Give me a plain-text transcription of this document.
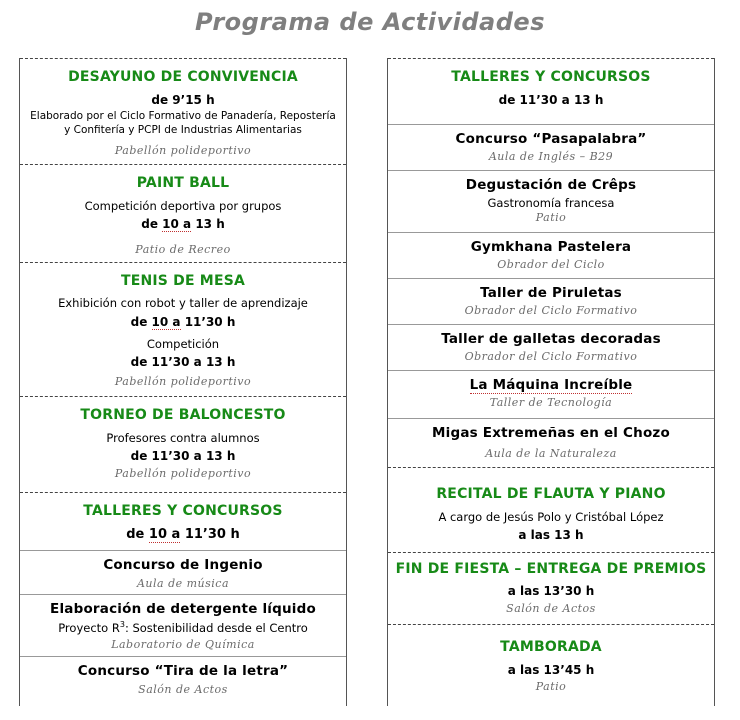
Programa de Actividades
DESAYUNO DE CONVIVENCIA
de 9’15 h
Elaborado por el Ciclo Formativo de Panadería, Repostería
y Confitería y PCPI de Industrias Alimentarias
Pabellón polideportivo
PAINT BALL
Competición deportiva por grupos
de 10 a 13 h
Patio de Recreo
TENIS DE MESA
Exhibición con robot y taller de aprendizaje
de 10 a 11’30 h
Competición
de 11’30 a 13 h
Pabellón polideportivo
TORNEO DE BALONCESTO
Profesores contra alumnos
de 11’30 a 13 h
Pabellón polideportivo
TALLERES Y CONCURSOS
de 10 a 11’30 h
Concurso de Ingenio
Aula de música
Elaboración de detergente líquido
Proyecto $R^3$: Sostenibilidad desde el Centro
Laboratorio de Química
Concurso “Tira de la letra”
Salón de Actos
TALLERES Y CONCURSOS
de 11’30 a 13 h
Concurso “Pasapalabra”
Aula de Inglés – B29
Degustación de Crêps
Gastronomía francesa
Patio
Gymkhana Pastelera
Obrador del Ciclo
Taller de Piruletas
Obrador del Ciclo Formativo
Taller de galletas decoradas
Obrador del Ciclo Formativo
La Máquina Increíble
Taller de Tecnología
Migas Extremeñas en el Chozo
Aula de la Naturaleza
RECITAL DE FLAUTA Y PIANO
A cargo de Jesús Polo y Cristóbal López
a las 13 h
FIN DE FIESTA – ENTREGA DE PREMIOS
a las 13’30 h
Salón de Actos
TAMBORADA
a las 13’45 h
Patio
